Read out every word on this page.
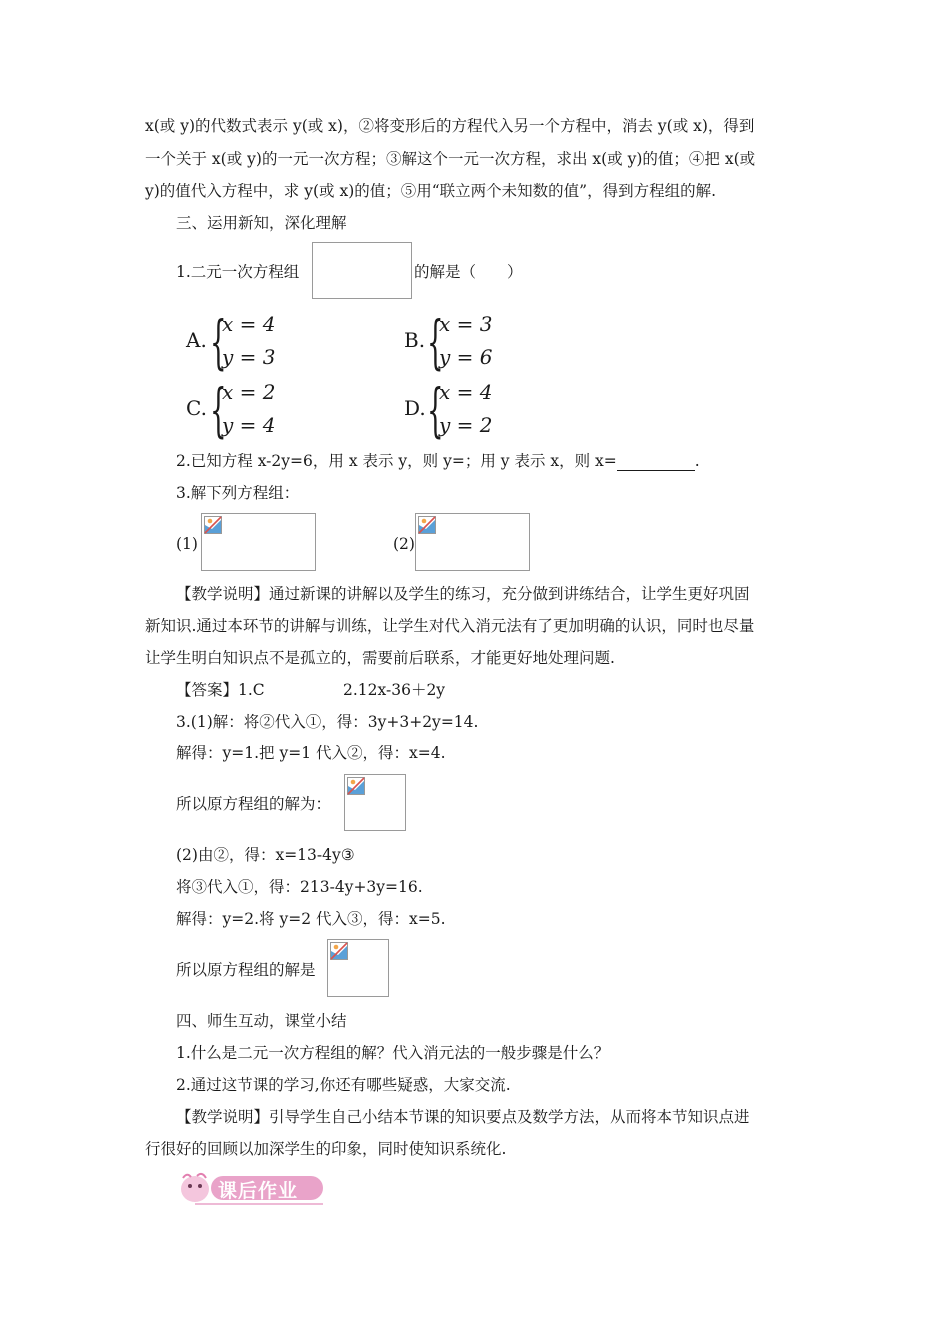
x(或 y)的代数式表示 y(或 x)，②将变形后的方程代入另一个方程中，消去 y(或 x)，得到
一个关于 x(或 y)的一元一次方程；③解这个一元一次方程，求出 x(或 y)的值；④把 x(或
y)的值代入方程中，求 y(或 x)的值；⑤用“联立两个未知数的值”，得到方程组的解.
三、运用新知，深化理解
1.二元一次方程组	的解是（　　）
A. {
x = 4
y = 3
B. {
x = 3
y = 6
C. {
x = 2
y = 4
D. {
x = 4
y = 2
2.已知方程 x-2y=6，用 x 表示 y，则 y=；用 y 表示 x，则 x=	.
3.解下列方程组：
(1)	(2)
【教学说明】通过新课的讲解以及学生的练习，充分做到讲练结合，让学生更好巩固
新知识.通过本环节的讲解与训练，让学生对代入消元法有了更加明确的认识，同时也尽量
让学生明白知识点不是孤立的，需要前后联系，才能更好地处理问题.
【答案】1.C	2.12x-36＋2y
3.(1)解：将②代入①，得：3y+3+2y=14.
解得：y=1.把 y=1 代入②，得：x=4.
所以原方程组的解为：
(2)由②，得：x=13-4y③
将③代入①，得：213-4y+3y=16.
解得：y=2.将 y=2 代入③，得：x=5.
所以原方程组的解是
四、师生互动，课堂小结
1.什么是二元一次方程组的解？代入消元法的一般步骤是什么？
2.通过这节课的学习,你还有哪些疑惑，大家交流.
【教学说明】引导学生自己小结本节课的知识要点及数学方法，从而将本节知识点进
行很好的回顾以加深学生的印象，同时使知识系统化.
课后作业
